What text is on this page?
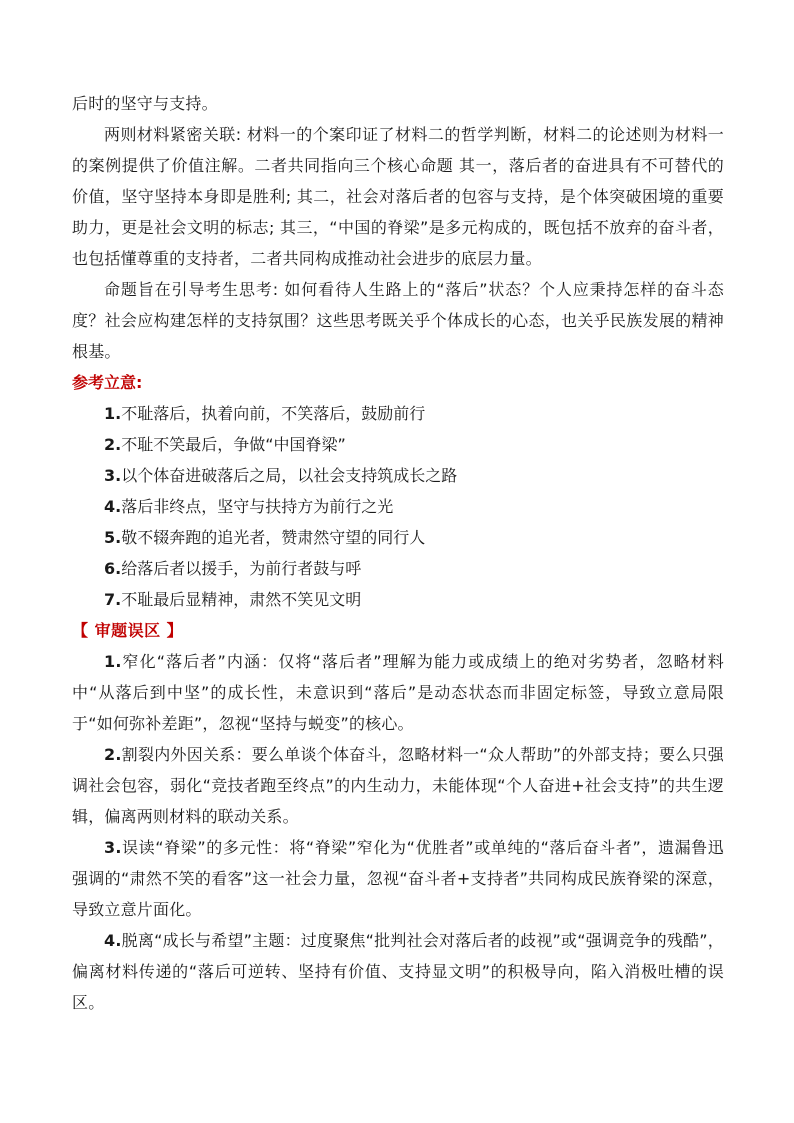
后时的坚守与支持。

两则材料紧密关联: 材料一的个案印证了材料二的哲学判断，材料二的论述则为材料一的案例提供了价值注解。二者共同指向三个核心命题 其一，落后者的奋进具有不可替代的价值，坚守坚持本身即是胜利; 其二，社会对落后者的包容与支持，是个体突破困境的重要助力，更是社会文明的标志; 其三，“中国的脊梁”是多元构成的，既包括不放弃的奋斗者，也包括懂尊重的支持者，二者共同构成推动社会进步的底层力量。

命题旨在引导考生思考: 如何看待人生路上的“落后”状态？个人应秉持怎样的奋斗态度？社会应构建怎样的支持氛围？这些思考既关乎个体成长的心态，也关乎民族发展的精神根基。

参考立意:

1.不耻落后，执着向前，不笑落后，鼓励前行

2.不耻不笑最后，争做“中国脊梁”

3.以个体奋进破落后之局，以社会支持筑成长之路

4.落后非终点，坚守与扶持方为前行之光

5.敬不辍奔跑的追光者，赞肃然守望的同行人

6.给落后者以援手，为前行者鼓与呼

7.不耻最后显精神，肃然不笑见文明

【 审题误区 】

1.窄化“落后者”内涵：仅将“落后者”理解为能力或成绩上的绝对劣势者，忽略材料中“从落后到中坚”的成长性，未意识到“落后”是动态状态而非固定标签，导致立意局限于“如何弥补差距”，忽视“坚持与蜕变”的核心。

2.割裂内外因关系：要么单谈个体奋斗，忽略材料一“众人帮助”的外部支持；要么只强调社会包容，弱化“竞技者跑至终点”的内生动力，未能体现“个人奋进+社会支持”的共生逻辑，偏离两则材料的联动关系。

3.误读“脊梁”的多元性：将“脊梁”窄化为“优胜者”或单纯的“落后奋斗者”，遗漏鲁迅强调的“肃然不笑的看客”这一社会力量，忽视“奋斗者+支持者”共同构成民族脊梁的深意，导致立意片面化。

4.脱离“成长与希望”主题：过度聚焦“批判社会对落后者的歧视”或“强调竞争的残酷”，偏离材料传递的“落后可逆转、坚持有价值、支持显文明”的积极导向，陷入消极吐槽的误区。
